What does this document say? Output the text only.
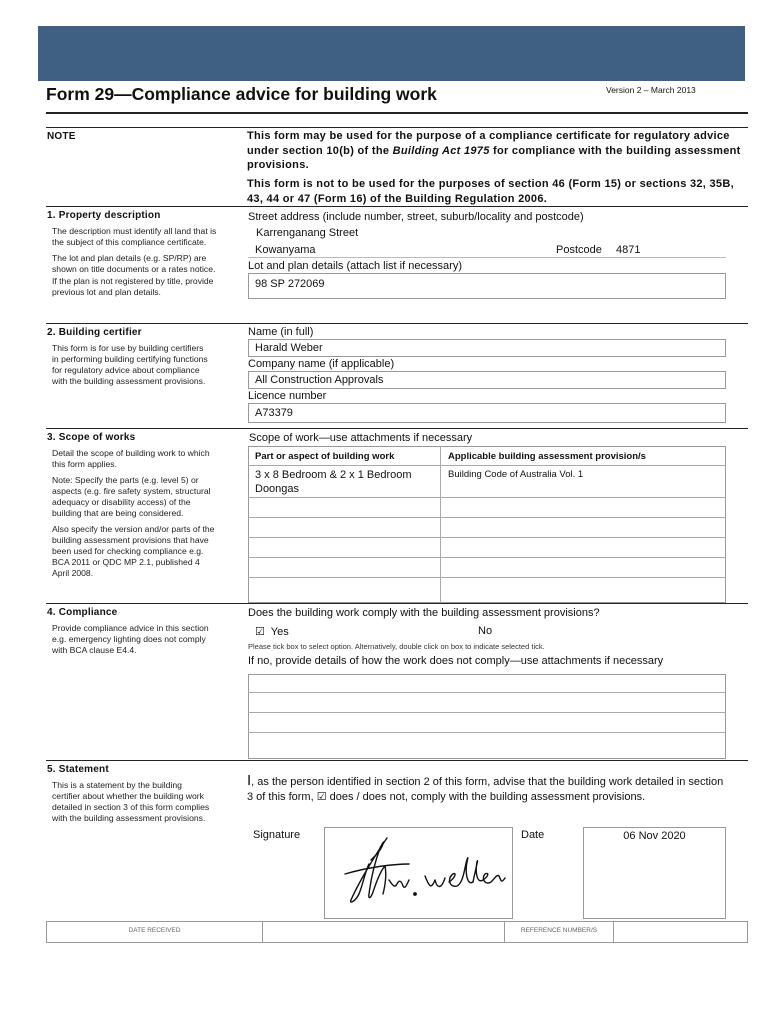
Form 29—Compliance advice for building work	Version 2 – March 2013
NOTE	This form may be used for the purpose of a compliance certificate for regulatory advice under section 10(b) of the Building Act 1975 for compliance with the building assessment provisions.
This form is not to be used for the purposes of section 46 (Form 15) or sections 32, 35B, 43, 44 or 47 (Form 16) of the Building Regulation 2006.
1. Property description

The description must identify all land that is the subject of this compliance certificate.

The lot and plan details (e.g. SP/RP) are shown on title documents or a rates notice.

If the plan is not registered by title, provide previous lot and plan details.

Street address (include number, street, suburb/locality and postcode)
Karrenganang Street
Kowanyama	Postcode 4871
Lot and plan details (attach list if necessary)
98 SP 272069
2. Building certifier
This form is for use by building certifiers in performing building certifying functions for regulatory advice about compliance with the building assessment provisions.
Name (in full)
Harald Weber
Company name (if applicable)
All Construction Approvals
Licence number
A73379
3. Scope of works

Detail the scope of building work to which this form applies.

Note: Specify the parts (e.g. level 5) or aspects (e.g. fire safety system, structural adequacy or disability access) of the building that are being considered.

Also specify the version and/or parts of the building assessment provisions that have been used for checking compliance e.g. BCA 2011 or QDC MP 2.1, published 4 April 2008.

Scope of work—use attachments if necessary
Part or aspect of building work	Applicable building assessment provision/s
3 x 8 Bedroom & 2 x 1 Bedroom Doongas
Building Code of Australia Vol. 1
4. Compliance
Provide compliance advice in this section e.g. emergency lighting does not comply with BCA clause E4.4.
Does the building work comply with the building assessment provisions?
☑ Yes	No
Please tick box to select option. Alternatively, double click on box to indicate selected tick.
If no, provide details of how the work does not comply—use attachments if necessary
5. Statement
This is a statement by the building certifier about whether the building work detailed in section 3 of this form complies with the building assessment provisions.
I, as the person identified in section 2 of this form, advise that the building work detailed in section 3 of this form, ☑ does / does not, comply with the building assessment provisions.
Signature	Date	06 Nov 2020
DATE RECEIVED	REFERENCE NUMBER/S
